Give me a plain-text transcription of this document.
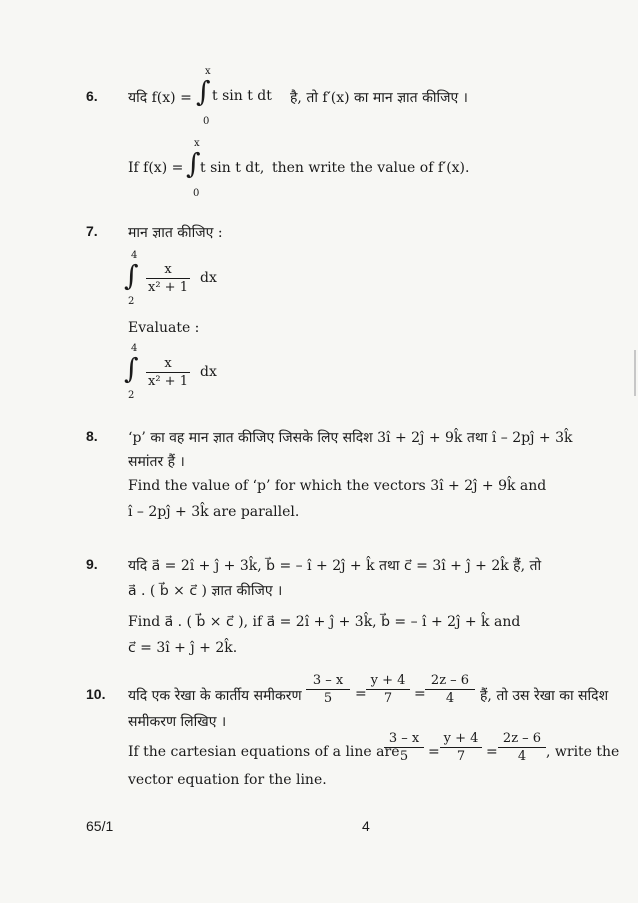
6. यदि f(x) =
x
∫
0
t sin t dt है, तो f′(x) का मान ज्ञात कीजिए ।
If f(x) =
x
∫
0
t sin t dt, then write the value of f′(x).
7. मान ज्ञात कीजिए :
4
∫
2
x
x² + 1
dx
Evaluate :
4
∫
2
x
x² + 1
dx
8. ‘p’ का वह मान ज्ञात कीजिए जिसके लिए सदिश 3î + 2ĵ + 9k̂ तथा î – 2pĵ + 3k̂
समांतर हैं ।
Find the value of ‘p’ for which the vectors 3î + 2ĵ + 9k̂ and
î – 2pĵ + 3k̂ are parallel.
9. यदि a⃗ = 2î + ĵ + 3k̂, b⃗ = – î + 2ĵ + k̂ तथा c⃗ = 3î + ĵ + 2k̂ हैं, तो
a⃗ . ( b⃗ × c⃗ ) ज्ञात कीजिए ।
Find a⃗ . ( b⃗ × c⃗ ), if a⃗ = 2î + ĵ + 3k̂, b⃗ = – î + 2ĵ + k̂ and
c⃗ = 3î + ĵ + 2k̂.
10. यदि एक रेखा के कार्तीय समीकरण
3 – x
5	=
y + 4
7	=
2z – 6
4	हैं, तो उस रेखा का सदिश
समीकरण लिखिए ।
If the cartesian equations of a line are
3 – x
5	=
y + 4
7	=
2z – 6
4	, write the
vector equation for the line.
65/1	4
